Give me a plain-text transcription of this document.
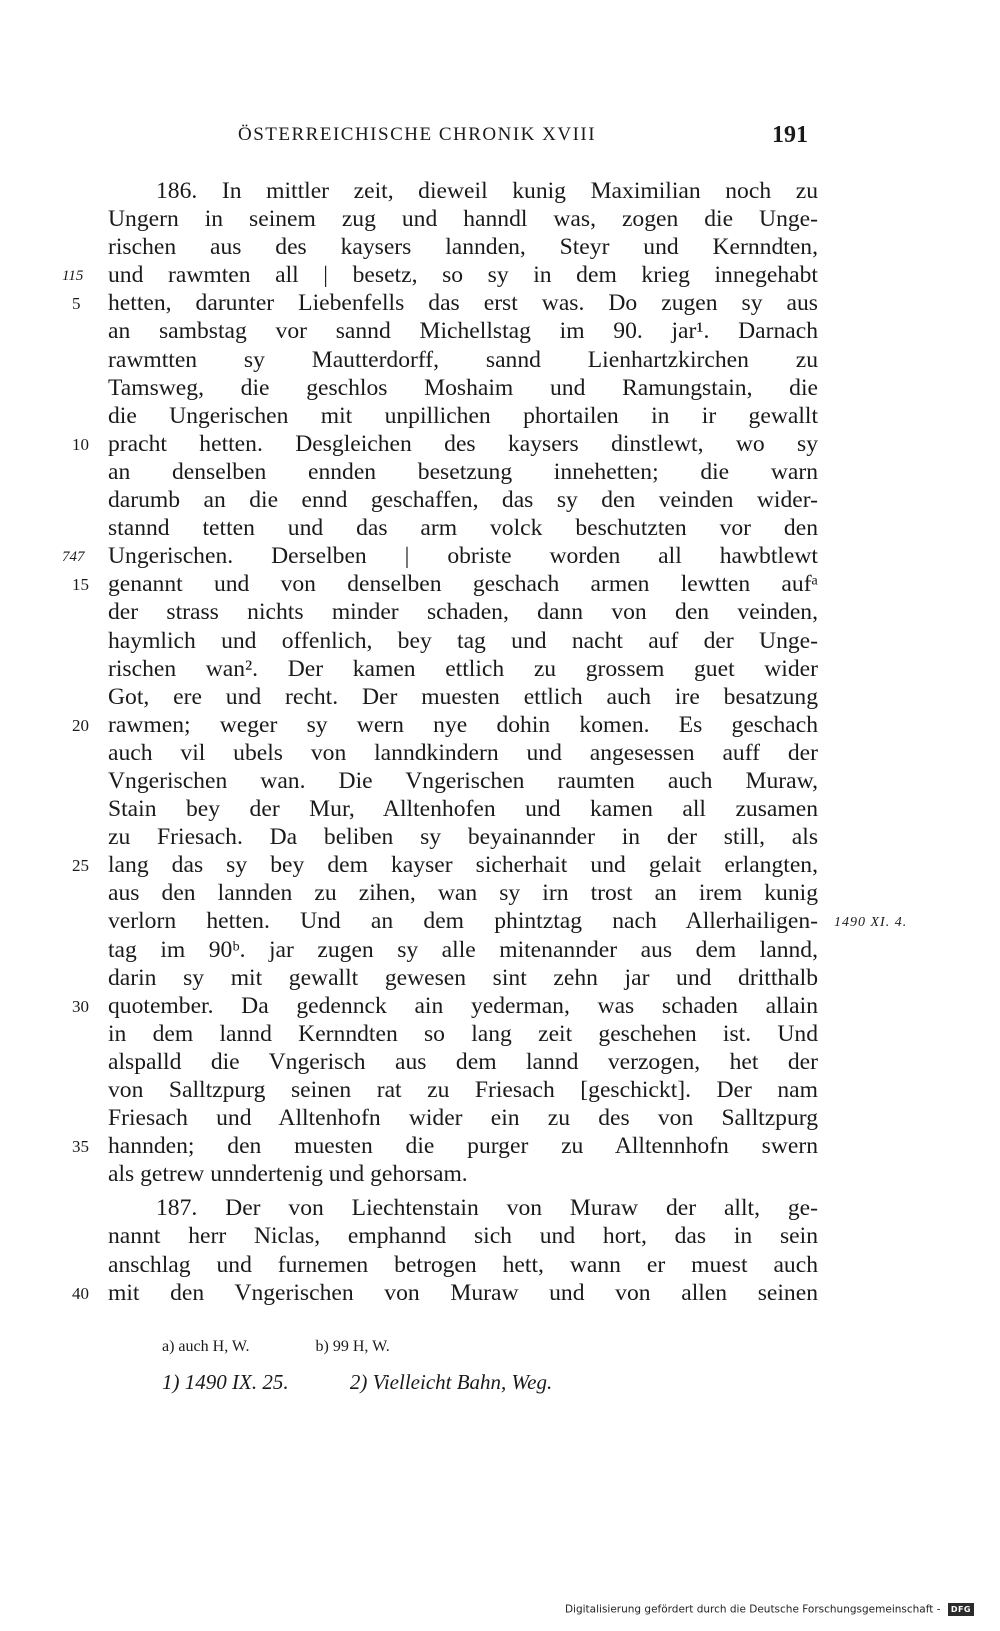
ÖSTERREICHISCHE CHRONIK XVIII	191
186. In mittler zeit, dieweil kunig Maximilian noch zu
Ungern in seinem zug und hanndl was, zogen die Unge-
rischen aus des kaysers lannden, Steyr und Kernndten,
115 und rawmten all | besetz, so sy in dem krieg innegehabt
5 hetten, darunter Liebenfells das erst was. Do zugen sy aus
an sambstag vor sannd Michellstag im 90. jar¹. Darnach
rawmtten sy Mautterdorff, sannd Lienhartzkirchen zu
Tamsweg, die geschlos Moshaim und Ramungstain, die
die Ungerischen mit unpillichen phortailen in ir gewallt
10 pracht hetten. Desgleichen des kaysers dinstlewt, wo sy
an denselben ennden besetzung innehetten; die warn
darumb an die ennd geschaffen, das sy den veinden wider-
stannd tetten und das arm volck beschutzten vor den
747 Ungerischen. Derselben | obriste worden all hawbtlewt
15 genannt und von denselben geschach armen lewtten aufᵃ
der strass nichts minder schaden, dann von den veinden,
haymlich und offenlich, bey tag und nacht auf der Unge-
rischen wan². Der kamen ettlich zu grossem guet wider
Got, ere und recht. Der muesten ettlich auch ire besatzung
20 rawmen; weger sy wern nye dohin komen. Es geschach
auch vil ubels von lanndkindern und angesessen auff der
Vngerischen wan. Die Vngerischen raumten auch Muraw,
Stain bey der Mur, Alltenhofen und kamen all zusamen
zu Friesach. Da beliben sy beyainannder in der still, als
25 lang das sy bey dem kayser sicherhait und gelait erlangten,
aus den lannden zu zihen, wan sy irn trost an irem kunig
verlorn hetten. Und an dem phintztag nach Allerhailigen- 1490 XI. 4.
tag im 90ᵇ. jar zugen sy alle mitenannder aus dem lannd,
darin sy mit gewallt gewesen sint zehn jar und dritthalb
30 quotember. Da gedennck ain yederman, was schaden allain
in dem lannd Kernndten so lang zeit geschehen ist. Und
alspalld die Vngerisch aus dem lannd verzogen, het der
von Salltzpurg seinen rat zu Friesach [geschickt]. Der nam
Friesach und Alltenhofn wider ein zu des von Salltzpurg
35 hannden; den muesten die purger zu Alltennhofn swern
als getrew unndertenig und gehorsam.
187. Der von Liechtenstain von Muraw der allt, ge-
nannt herr Niclas, emphannd sich und hort, das in sein
anschlag und furnemen betrogen hett, wann er muest auch
40 mit den Vngerischen von Muraw und von allen seinen
a) auch H, W.	b) 99 H, W.
1) 1490 IX. 25.	2) Vielleicht Bahn, Weg.
Digitalisierung gefördert durch die Deutsche Forschungsgemeinschaft - DFG
